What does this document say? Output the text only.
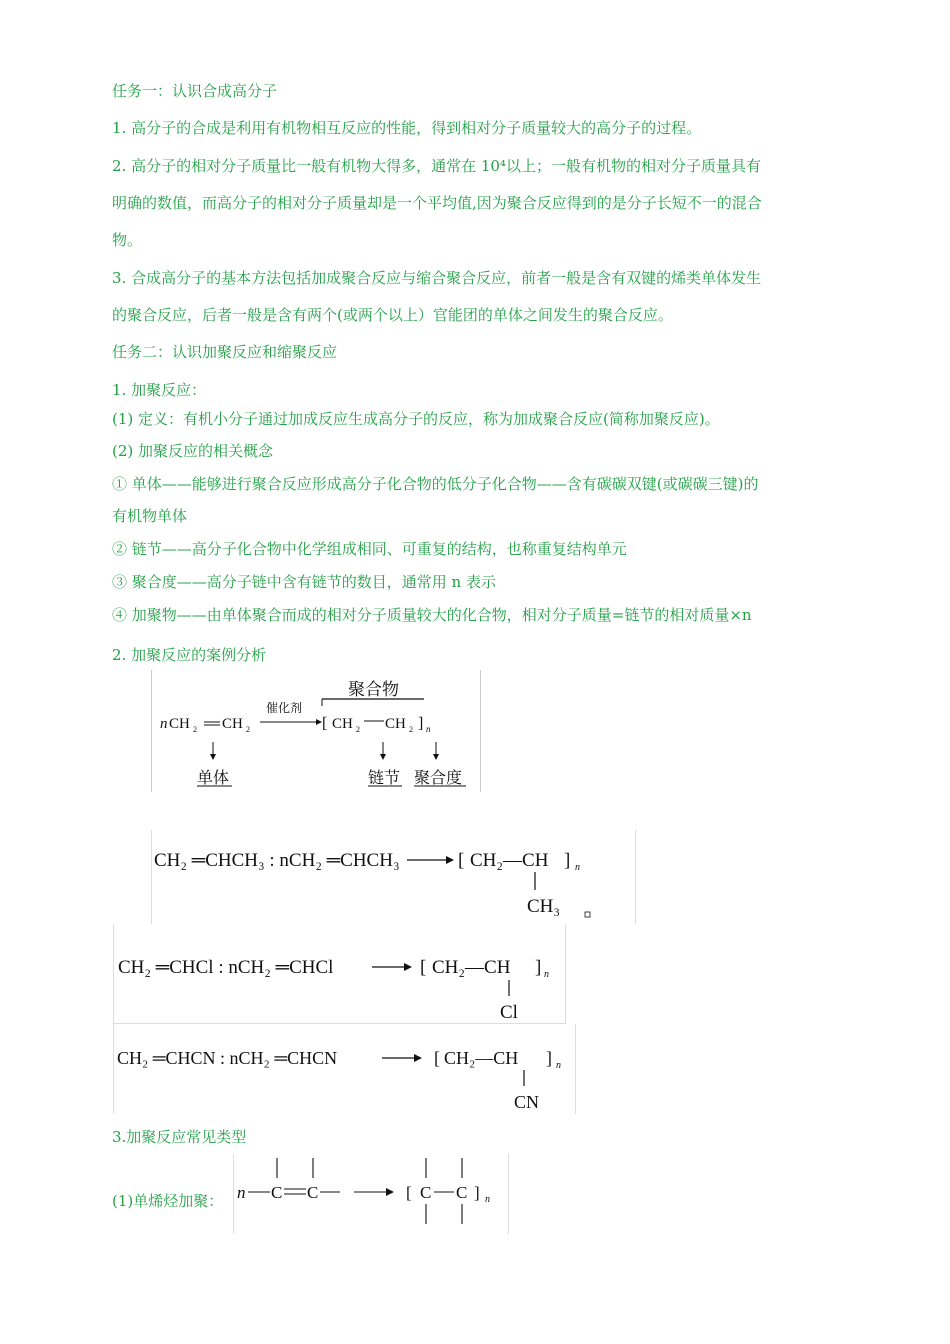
任务一：认识合成高分子
1. 高分子的合成是利用有机物相互反应的性能，得到相对分子质量较大的高分子的过程。
2. 高分子的相对分子质量比一般有机物大得多，通常在 10⁴以上；一般有机物的相对分子质量具有
明确的数值，而高分子的相对分子质量却是一个平均值,因为聚合反应得到的是分子长短不一的混合
物。
3. 合成高分子的基本方法包括加成聚合反应与缩合聚合反应，前者一般是含有双键的烯类单体发生
的聚合反应，后者一般是含有两个(或两个以上）官能团的单体之间发生的聚合反应。
任务二：认识加聚反应和缩聚反应
1. 加聚反应：
(1) 定义：有机小分子通过加成反应生成高分子的反应，称为加成聚合反应(简称加聚反应)。
(2) 加聚反应的相关概念
① 单体——能够进行聚合反应形成高分子化合物的低分子化合物——含有碳碳双键(或碳碳三键)的
有机物单体
② 链节——高分子化合物中化学组成相同、可重复的结构，也称重复结构单元
③ 聚合度——高分子链中含有链节的数目，通常用 n 表示
④ 加聚物——由单体聚合而成的相对分子质量较大的化合物，相对分子质量=链节的相对质量×n
2. 加聚反应的案例分析
聚合物
n CH 2 CH 2
催化剂
[ CH 2 CH 2 ] n
单体	链节 聚合度
CH₂ ═CHCH₃ : nCH₂ ═CHCH₃	[ CH₂—CH ] n
CH₃
CH₂ ═CHCl : nCH₂ ═CHCl	[ CH₂—CH ] n
Cl
CH₂ ═CHCN : nCH₂ ═CHCN	[ CH₂—CH ] n
CN
3.加聚反应常见类型
(1)单烯烃加聚： n C C	[ C C ] n
